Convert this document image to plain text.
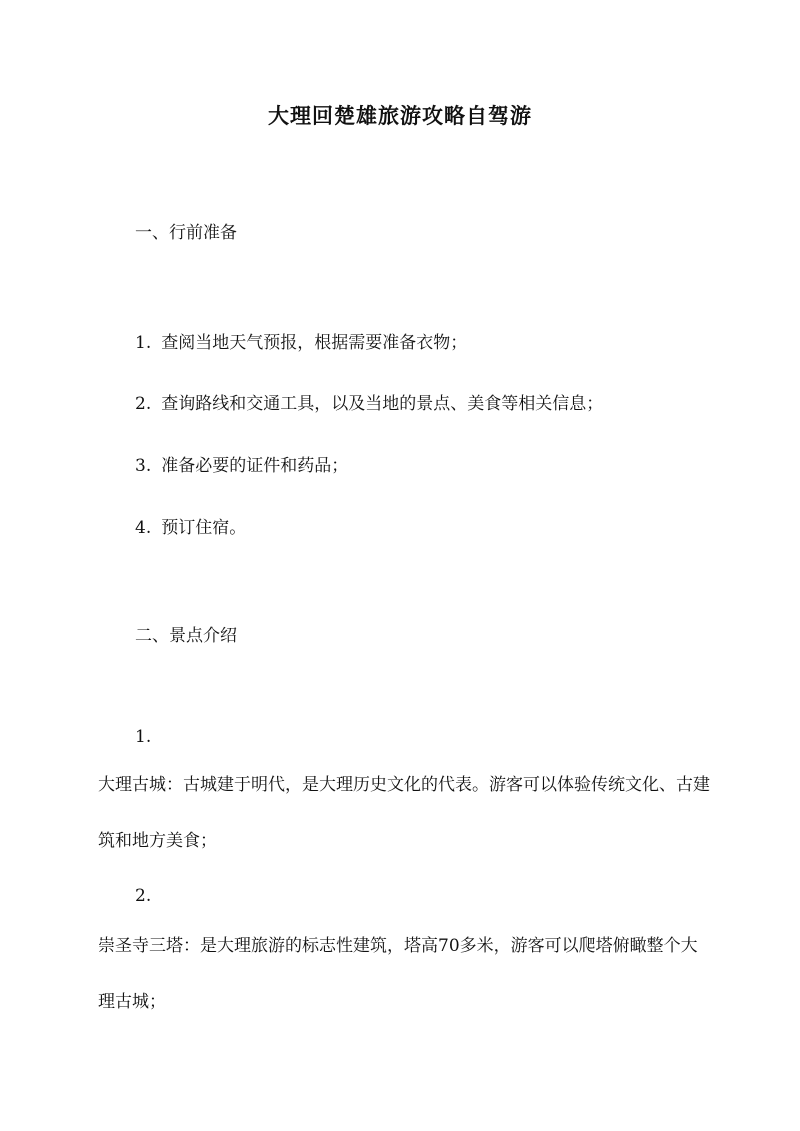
大理回楚雄旅游攻略自驾游
一、行前准备

1. 查阅当地天气预报，根据需要准备衣物；

2. 查询路线和交通工具，以及当地的景点、美食等相关信息；

3. 准备必要的证件和药品；

4. 预订住宿。

二、景点介绍

1.

大理古城：古城建于明代，是大理历史文化的代表。游客可以体验传统文化、古建筑和地方美食；

2.

崇圣寺三塔：是大理旅游的标志性建筑，塔高70多米，游客可以爬塔俯瞰整个大理古城；
